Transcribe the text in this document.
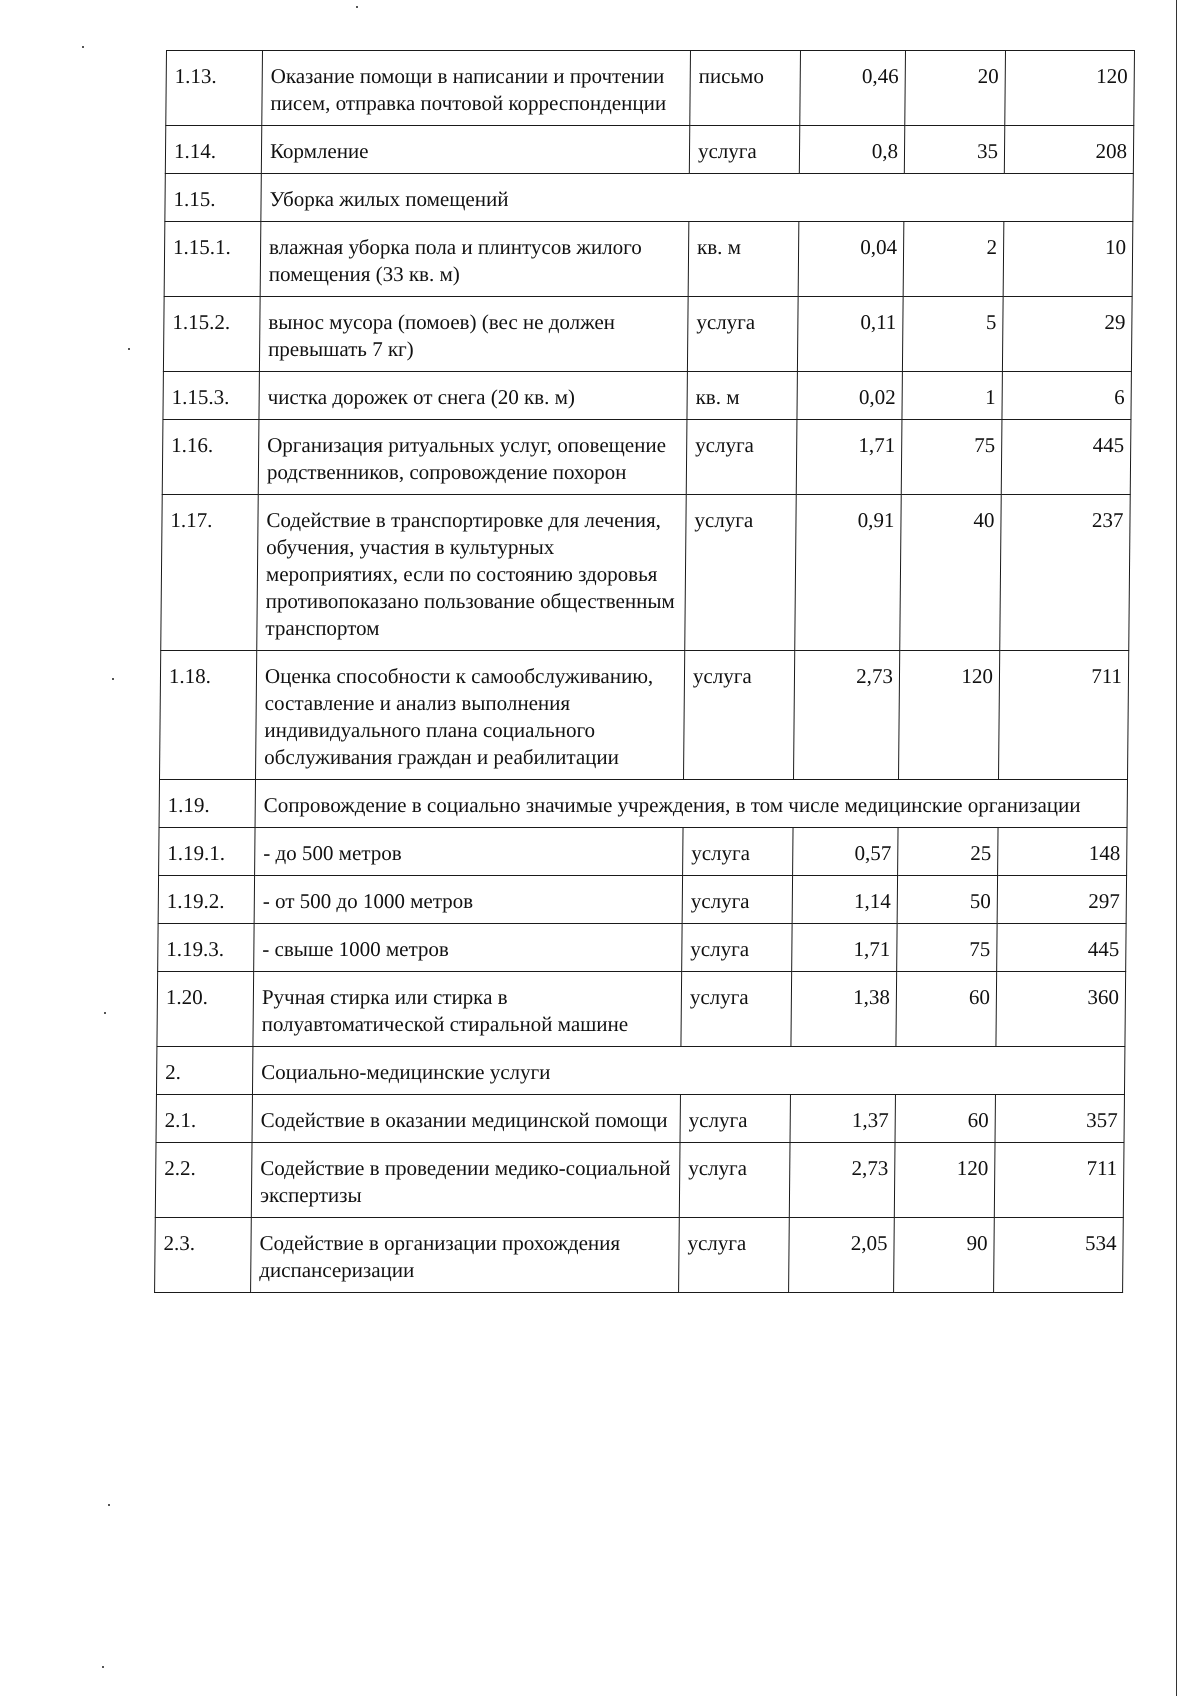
1.13.	Оказание помощи в написании и прочтении писем, отправка почтовой корреспонденции	письмо	0,46	20	120
1.14.	Кормление	услуга	0,8	35	208
1.15.	Уборка жилых помещений				
1.15.1.	влажная уборка пола и плинтусов жилого помещения (33 кв. м)	кв. м	0,04	2	10
1.15.2.	вынос мусора (помоев) (вес не должен превышать 7 кг)	услуга	0,11	5	29
1.15.3.	чистка дорожек от снега (20 кв. м)	кв. м	0,02	1	6
1.16.	Организация ритуальных услуг, оповещение родственников, сопровождение похорон	услуга	1,71	75	445
1.17.	Содействие в транспортировке для лечения, обучения, участия в культурных мероприятиях, если по состоянию здоровья противопоказано пользование общественным транспортом	услуга	0,91	40	237
1.18.	Оценка способности к самообслуживанию, составление и анализ выполнения индивидуального плана социального обслуживания граждан и реабилитации	услуга	2,73	120	711
1.19.	Сопровождение в социально значимые учреждения, в том числе медицинские организации				
1.19.1.	- до 500 метров	услуга	0,57	25	148
1.19.2.	- от 500 до 1000 метров	услуга	1,14	50	297
1.19.3.	- свыше 1000 метров	услуга	1,71	75	445
1.20.	Ручная стирка или стирка в полуавтоматической стиральной машине	услуга	1,38	60	360
2.	Социально-медицинские услуги				
2.1.	Содействие в оказании медицинской помощи	услуга	1,37	60	357
2.2.	Содействие в проведении медико-социальной экспертизы	услуга	2,73	120	711
2.3.	Содействие в организации прохождения диспансеризации	услуга	2,05	90	534
